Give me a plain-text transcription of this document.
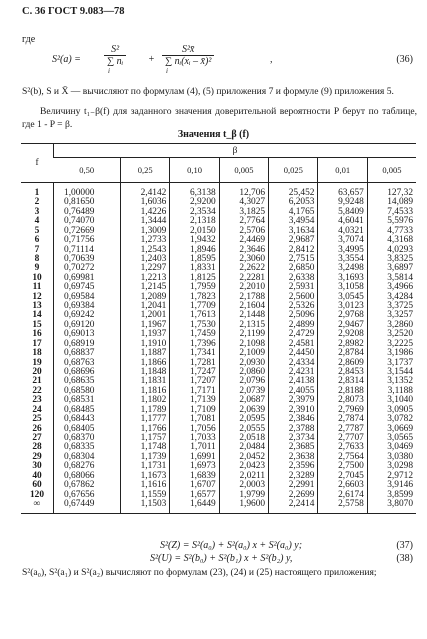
С. 36 ГОСТ 9.083—78
где
S²(a) =
S²
∑ nᵢ
i
+
S²x̄
∑ nᵢ(xᵢ – x̄)²
i
,	(36)
S²(b), S и X̄ — вычисляют по формулам (4), (5) приложения 7 и формуле (9) приложения 5.
Величину t₁₋β(f) для заданного значения доверительной вероятности P берут по таблице, где 1 - P = β.
Значения t_β (f)
f	β						
	0,50	0,25	0,10	0,005	0,025	0,01	0,005
1	1,00000	2,4142	6,3138	12,706	25,452	63,657	127,32
2	0,81650	1,6036	2,9200	4,3027	6,2053	9,9248	14,089
3	0,76489	1,4226	2,3534	3,1825	4,1765	5,8409	7,4533
4	0,74070	1,3444	2,1318	2,7764	3,4954	4,6041	5,5976
5	0,72669	1,3009	2,0150	2,5706	3,1634	4,0321	4,7733
6	0,71756	1,2733	1,9432	2,4469	2,9687	3,7074	4,3168
7	0,71114	1,2543	1,8946	2,3646	2,8412	3,4995	4,0293
8	0,70639	1,2403	1,8595	2,3060	2,7515	3,3554	3,8325
9	0,70272	1,2297	1,8331	2,2622	2,6850	3,2498	3,6897
10	0,69981	1,2213	1,8125	2,2281	2,6338	3,1693	3,5814
11	0,69745	1,2145	1,7959	2,2010	2,5931	3,1058	3,4966
12	0,69584	1,2089	1,7823	2,1788	2,5600	3,0545	3,4284
13	0,69384	1,2041	1,7709	2,1604	2,5326	3,0123	3,3725
14	0,69242	1,2001	1,7613	2,1448	2,5096	2,9768	3,3257
15	0,69120	1,1967	1,7530	2,1315	2,4899	2,9467	3,2860
16	0,69013	1,1937	1,7459	2,1199	2,4729	2,9208	3,2520
17	0,68919	1,1910	1,7396	2,1098	2,4581	2,8982	3,2225
18	0,68837	1,1887	1,7341	2,1009	2,4450	2,8784	3,1986
19	0,68763	1,1866	1,7281	2,0930	2,4334	2,8609	3,1737
20	0,68696	1,1848	1,7247	2,0860	2,4231	2,8453	3,1544
21	0,68635	1,1831	1,7207	2,0796	2,4138	2,8314	3,1352
22	0,68580	1,1816	1,7171	2,0739	2,4055	2,8188	3,1188
23	0,68531	1,1802	1,7139	2,0687	2,3979	2,8073	3,1040
24	0,68485	1,1789	1,7109	2,0639	2,3910	2,7969	3,0905
25	0,68443	1,1777	1,7081	2,0595	2,3846	2,7874	3,0782
26	0,68405	1,1766	1,7056	2,0555	2,3788	2,7787	3,0669
27	0,68370	1,1757	1,7033	2,0518	2,3734	2,7707	3,0565
28	0,68335	1,1748	1,7011	2,0484	2,3685	2,7633	3,0469
29	0,68304	1,1739	1,6991	2,0452	2,3638	2,7564	3,0380
30	0,68276	1,1731	1,6973	2,0423	2,3596	2,7500	3,0298
40	0,68066	1,1673	1,6839	2,0211	2,3289	2,7045	2,9712
60	0,67862	1,1616	1,6707	2,0003	2,2991	2,6603	3,9146
120	0,67656	1,1559	1,6577	1,9799	2,2699	2,6174	3,8599
∞	0,67449	1,1503	1,6449	1,9600	2,2414	2,5758	3,8070
S²(Z) = S²(a₀) + S²(a₀) x + S²(a₀) y;	(37)
S²(U) = S²(b₀) + S²(b₁) x + S²(b₂) y,	(38)
S²(a₀), S²(a₁) и S²(a₂) вычисляют по формулам (23), (24) и (25) настоящего приложения;
